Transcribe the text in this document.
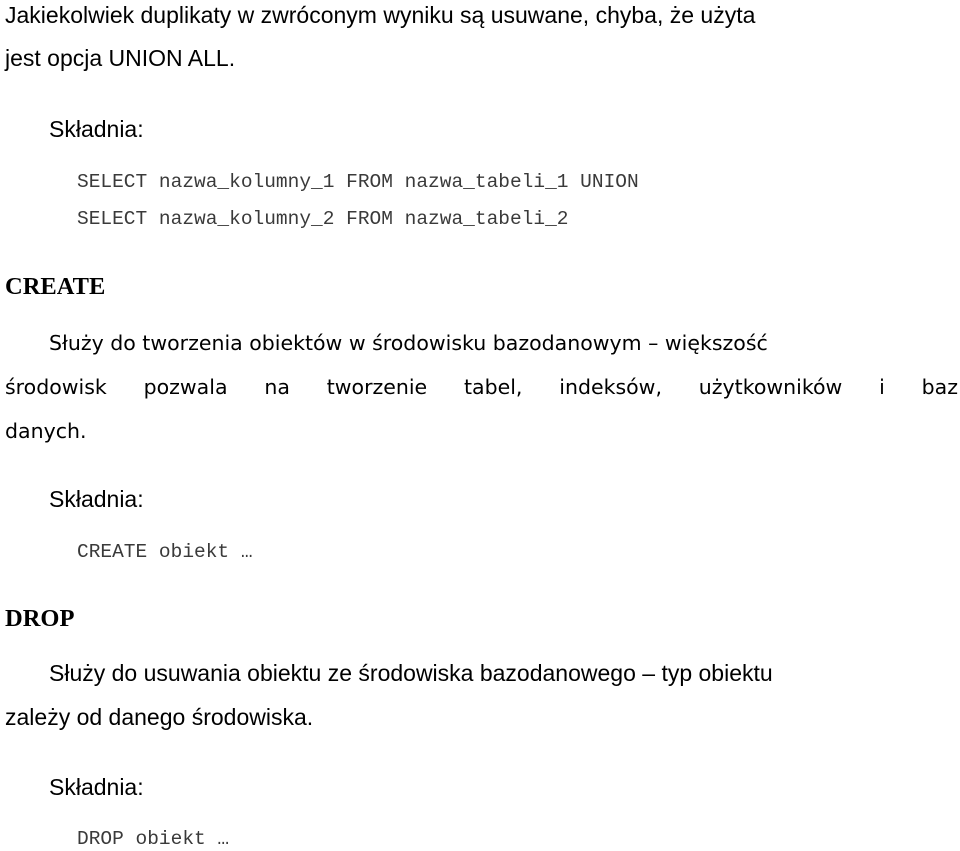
Jakiekolwiek duplikaty w zwróconym wyniku są usuwane, chyba, że użyta
jest opcja UNION ALL.
Składnia:
SELECT nazwa_kolumny_1 FROM nazwa_tabeli_1 UNION
SELECT nazwa_kolumny_2 FROM nazwa_tabeli_2
CREATE
Służy do tworzenia obiektów w środowisku bazodanowym – większość
środowisk pozwala na tworzenie tabel, indeksów, użytkowników i baz
danych.
Składnia:
CREATE obiekt …
DROP
Służy do usuwania obiektu ze środowiska bazodanowego – typ obiektu
zależy od danego środowiska.
Składnia:
DROP obiekt …
